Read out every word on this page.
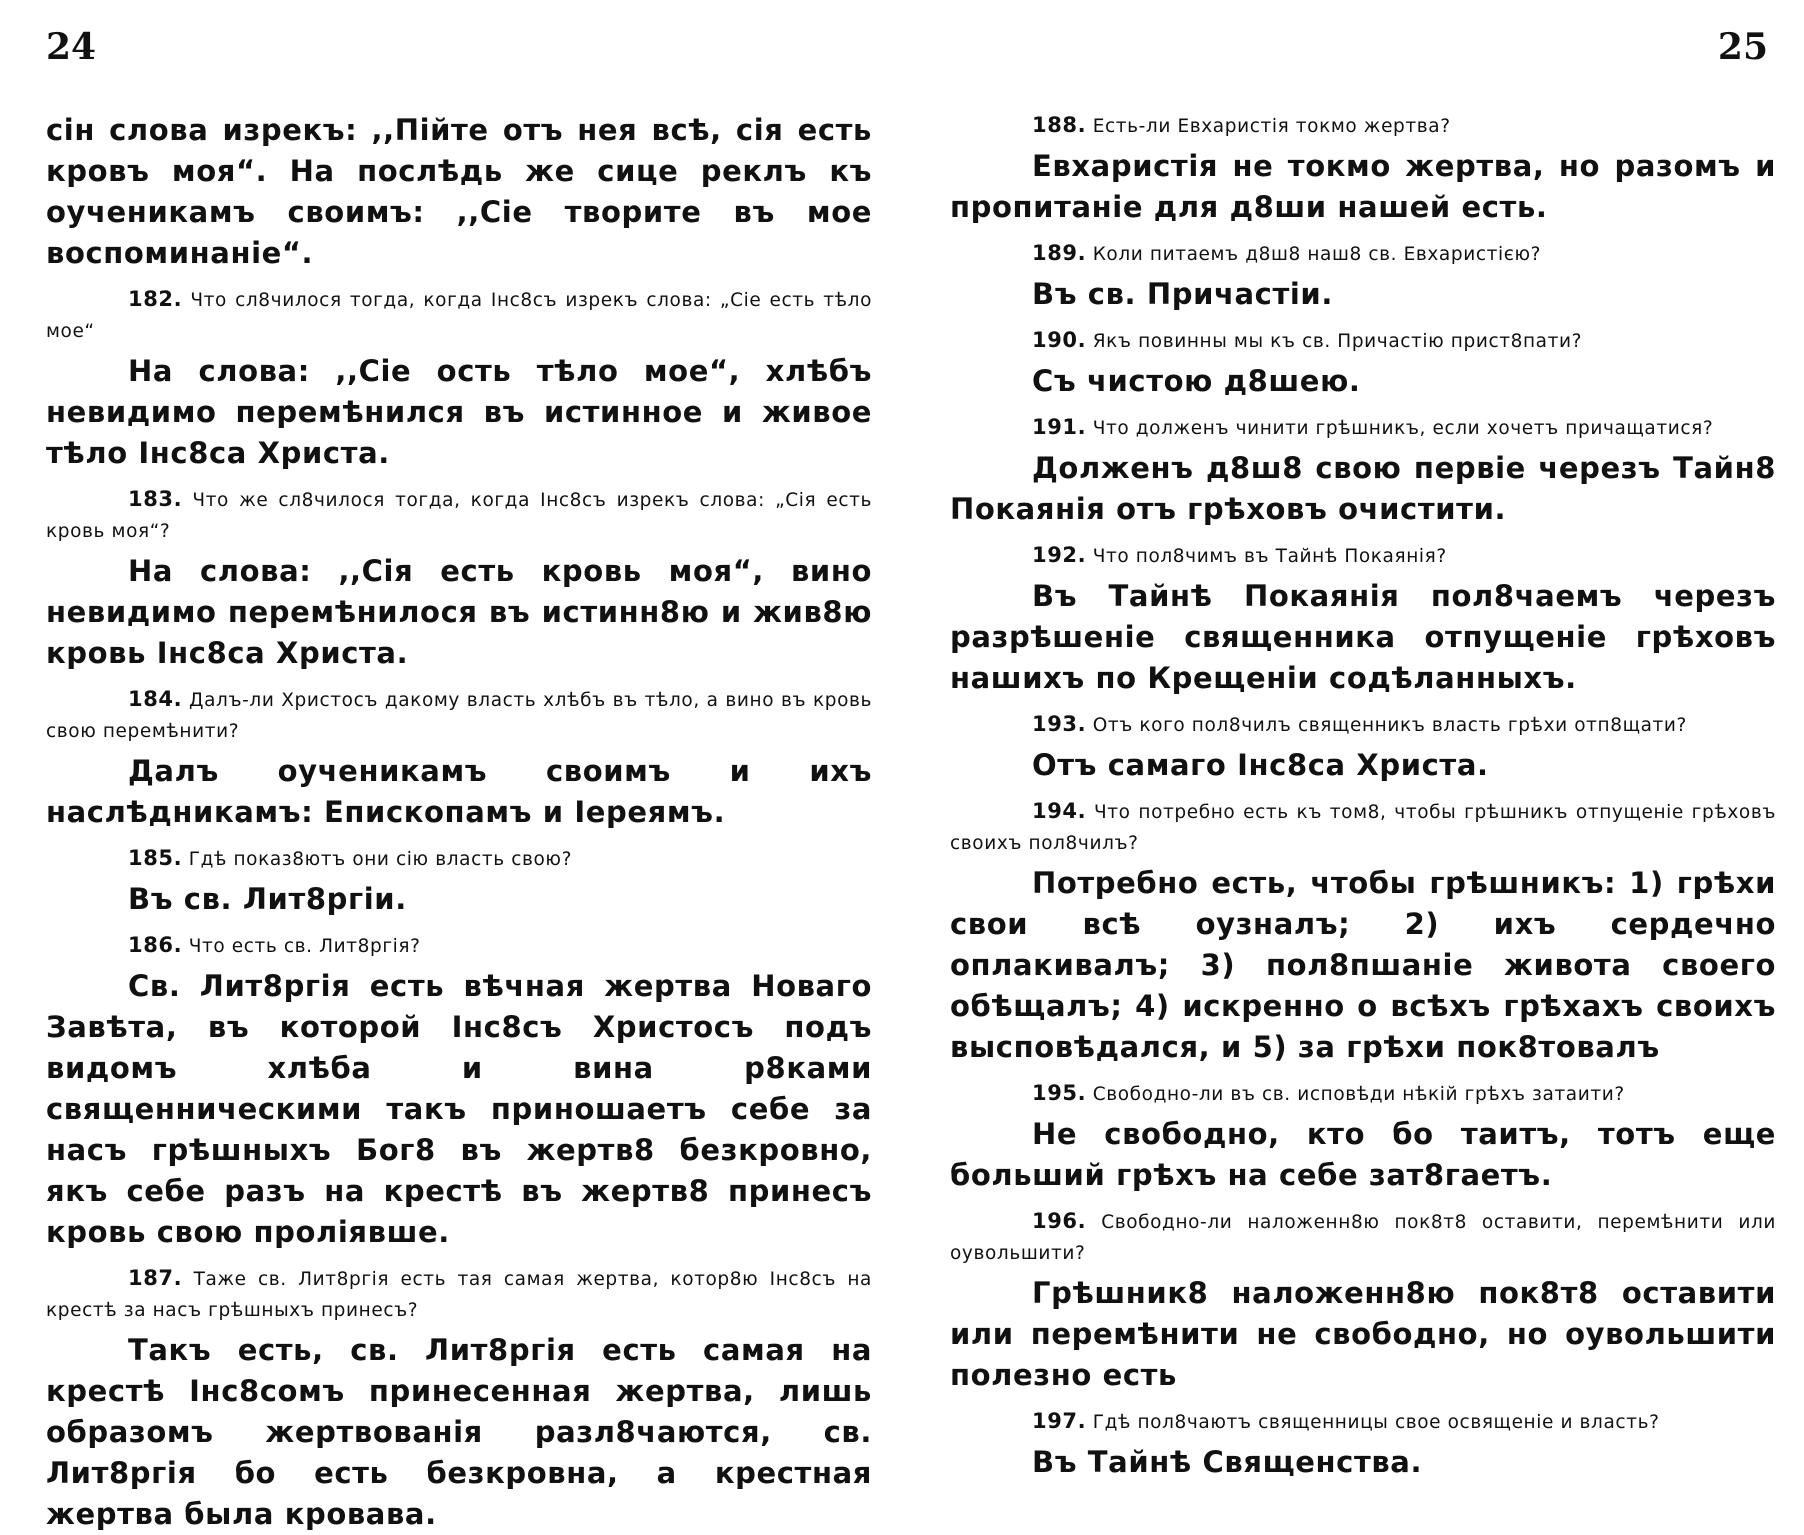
24	25

сін слова изрекъ: ,,Пійте отъ нея всѣ, сія есть кровъ моя“. На послѣдь же сице реклъ къ оученикамъ своимъ: ,,Сіе творите въ мое воспоминаніе“.

182. Что сл8чилося тогда, когда Інс8съ изрекъ слова: „Сіе есть тѣло мое“

На слова: ,,Сіе ость тѣло мое“, хлѣбъ невидимо перемѣнился въ истинное и живое тѣло Інс8са Христа.

183. Что же сл8чилося тогда, когда Інс8съ изрекъ слова: „Сія есть кровь моя“?

На слова: ,,Сія есть кровь моя“, вино невидимо перемѣнилося въ истинн8ю и жив8ю кровь Інс8са Христа.

184. Далъ-ли Христосъ дакому власть хлѣбъ въ тѣло, а вино въ кровь свою перемѣнити?

Далъ оученикамъ своимъ и ихъ наслѣдникамъ: Епископамъ и Іереямъ.

185. Гдѣ показ8ютъ они сію власть свою?

Въ св. Лит8ргіи.

186. Что есть св. Лит8ргія?

Св. Лит8ргія есть вѣчная жертва Новаго Завѣта, въ которой Інс8съ Христосъ подъ видомъ хлѣба и вина р8ками священническими такъ приношаетъ себе за насъ грѣшныхъ Бог8 въ жертв8 безкровно, якъ себе разъ на крестѣ въ жертв8 принесъ кровь свою проліявше.

187. Таже св. Лит8ргія есть тая самая жертва, котор8ю Інс8съ на крестѣ за насъ грѣшныхъ принесъ?

Такъ есть, св. Лит8ргія есть самая на крестѣ Інс8сомъ принесенная жертва, лишь образомъ жертвованія разл8чаются, св. Лит8ргія бо есть безкровна, а крестная жертва была кровава.

188. Есть-ли Евхаристія токмо жертва?

Евхаристія не токмо жертва, но разомъ и пропитаніе для д8ши нашей есть.

189. Коли питаемъ д8ш8 наш8 св. Евхаристією?

Въ св. Причастіи.

190. Якъ повинны мы къ св. Причастію прист8пати?

Съ чистою д8шею.

191. Что долженъ чинити грѣшникъ, если хочетъ причащатися?

Долженъ д8ш8 свою первіе черезъ Тайн8 Покаянія отъ грѣховъ очистити.

192. Что пол8чимъ въ Тайнѣ Покаянія?

Въ Тайнѣ Покаянія пол8чаемъ черезъ разрѣшеніе священника отпущеніе грѣховъ нашихъ по Крещеніи содѣланныхъ.

193. Отъ кого пол8чилъ священникъ власть грѣхи отп8щати?

Отъ самаго Інс8са Христа.

194. Что потребно есть къ том8, чтобы грѣшникъ отпущеніе грѣховъ своихъ пол8чилъ?

Потребно есть, чтобы грѣшникъ: 1) грѣхи свои всѣ оузналъ; 2) ихъ сердечно оплакивалъ; 3) пол8пшаніе живота своего обѣщалъ; 4) искренно о всѣхъ грѣхахъ своихъ высповѣдался, и 5) за грѣхи пок8товалъ

195. Свободно-ли въ св. исповѣди нѣкій грѣхъ затаити?

Не свободно, кто бо таитъ, тотъ еще больший грѣхъ на себе зат8гаетъ.

196. Свободно-ли наложенн8ю пок8т8 оставити, перемѣнити или оувольшити?

Грѣшник8 наложенн8ю пок8т8 оставити или перемѣнити не свободно, но оувольшити полезно есть

197. Гдѣ пол8чаютъ священницы свое освященіе и власть?

Въ Тайнѣ Священства.
